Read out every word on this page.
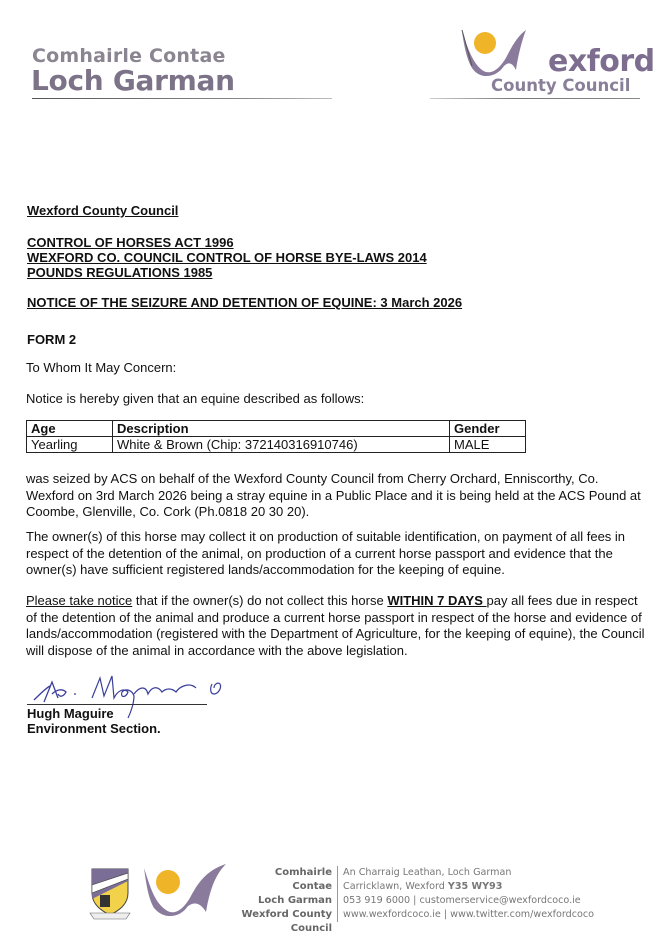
Comhairle Contae
Loch Garman
exford
County Council
Wexford County Council
CONTROL OF HORSES ACT 1996
WEXFORD CO. COUNCIL CONTROL OF HORSE BYE-LAWS 2014
POUNDS REGULATIONS 1985
NOTICE OF THE SEIZURE AND DETENTION OF EQUINE: 3 March 2026
FORM 2
To Whom It May Concern:
Notice is hereby given that an equine described as follows:
Age	Description	Gender
Yearling	White & Brown (Chip: 372140316910746)	MALE
was seized by ACS on behalf of the Wexford County Council from Cherry Orchard, Enniscorthy, Co. Wexford on 3rd March 2026 being a stray equine in a Public Place and it is being held at the ACS Pound at Coombe, Glenville, Co. Cork (Ph.0818 20 30 20).
The owner(s) of this horse may collect it on production of suitable identification, on payment of all fees in respect of the detention of the animal, on production of a current horse passport and evidence that the owner(s) have sufficient registered lands/accommodation for the keeping of equine.
Please take notice that if the owner(s) do not collect this horse WITHIN 7 DAYS pay all fees due in respect of the detention of the animal and produce a current horse passport in respect of the horse and evidence of lands/accommodation (registered with the Department of Agriculture, for the keeping of equine), the Council will dispose of the animal in accordance with the above legislation.
Hugh Maguire
Environment Section.
Comhairle Contae
Loch Garman
Wexford County
Council
An Charraig Leathan, Loch Garman
Carricklawn, Wexford Y35 WY93
053 919 6000 | customerservice@wexfordcoco.ie
www.wexfordcoco.ie | www.twitter.com/wexfordcoco
